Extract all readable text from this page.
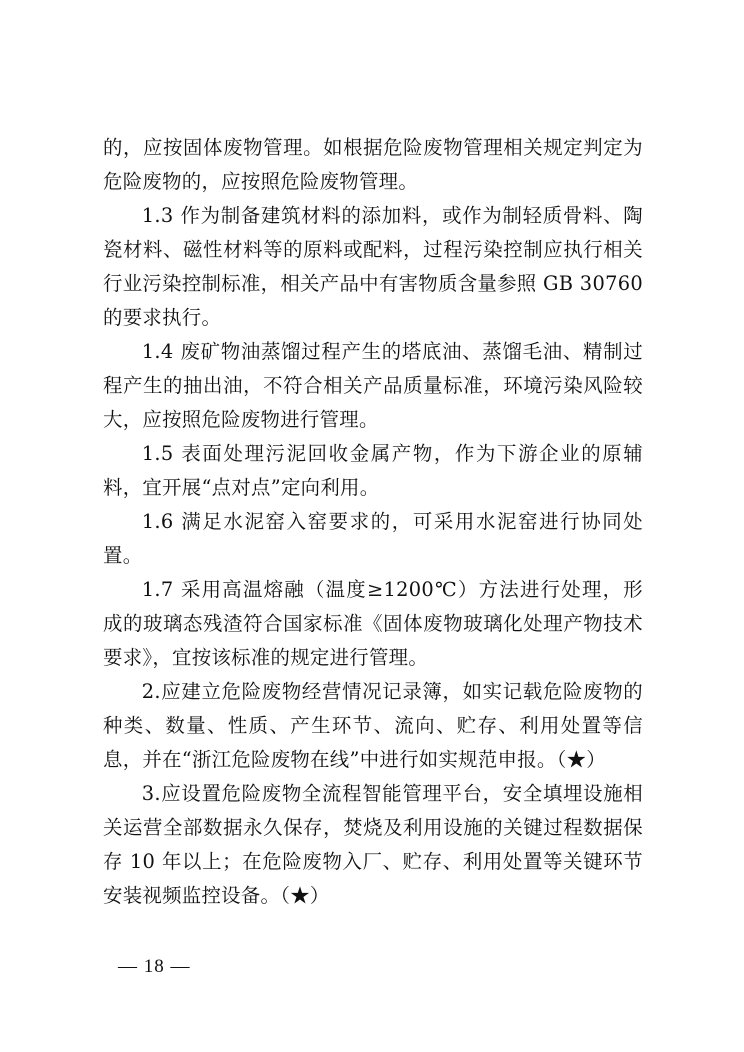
的，应按固体废物管理。如根据危险废物管理相关规定判定为危险废物的，应按照危险废物管理。

1.3 作为制备建筑材料的添加料，或作为制轻质骨料、陶瓷材料、磁性材料等的原料或配料，过程污染控制应执行相关行业污染控制标准，相关产品中有害物质含量参照 GB 30760 的要求执行。

1.4 废矿物油蒸馏过程产生的塔底油、蒸馏毛油、精制过程产生的抽出油，不符合相关产品质量标准，环境污染风险较大，应按照危险废物进行管理。

1.5 表面处理污泥回收金属产物，作为下游企业的原辅料，宜开展“点对点”定向利用。

1.6 满足水泥窑入窑要求的，可采用水泥窑进行协同处置。

1.7 采用高温熔融（温度≥1200℃）方法进行处理，形成的玻璃态残渣符合国家标准《固体废物玻璃化处理产物技术要求》，宜按该标准的规定进行管理。

2.应建立危险废物经营情况记录簿，如实记载危险废物的种类、数量、性质、产生环节、流向、贮存、利用处置等信息，并在“浙江危险废物在线”中进行如实规范申报。（★）

3.应设置危险废物全流程智能管理平台，安全填埋设施相关运营全部数据永久保存，焚烧及利用设施的关键过程数据保存 10 年以上；在危险废物入厂、贮存、利用处置等关键环节安装视频监控设备。（★）

— 18 —
